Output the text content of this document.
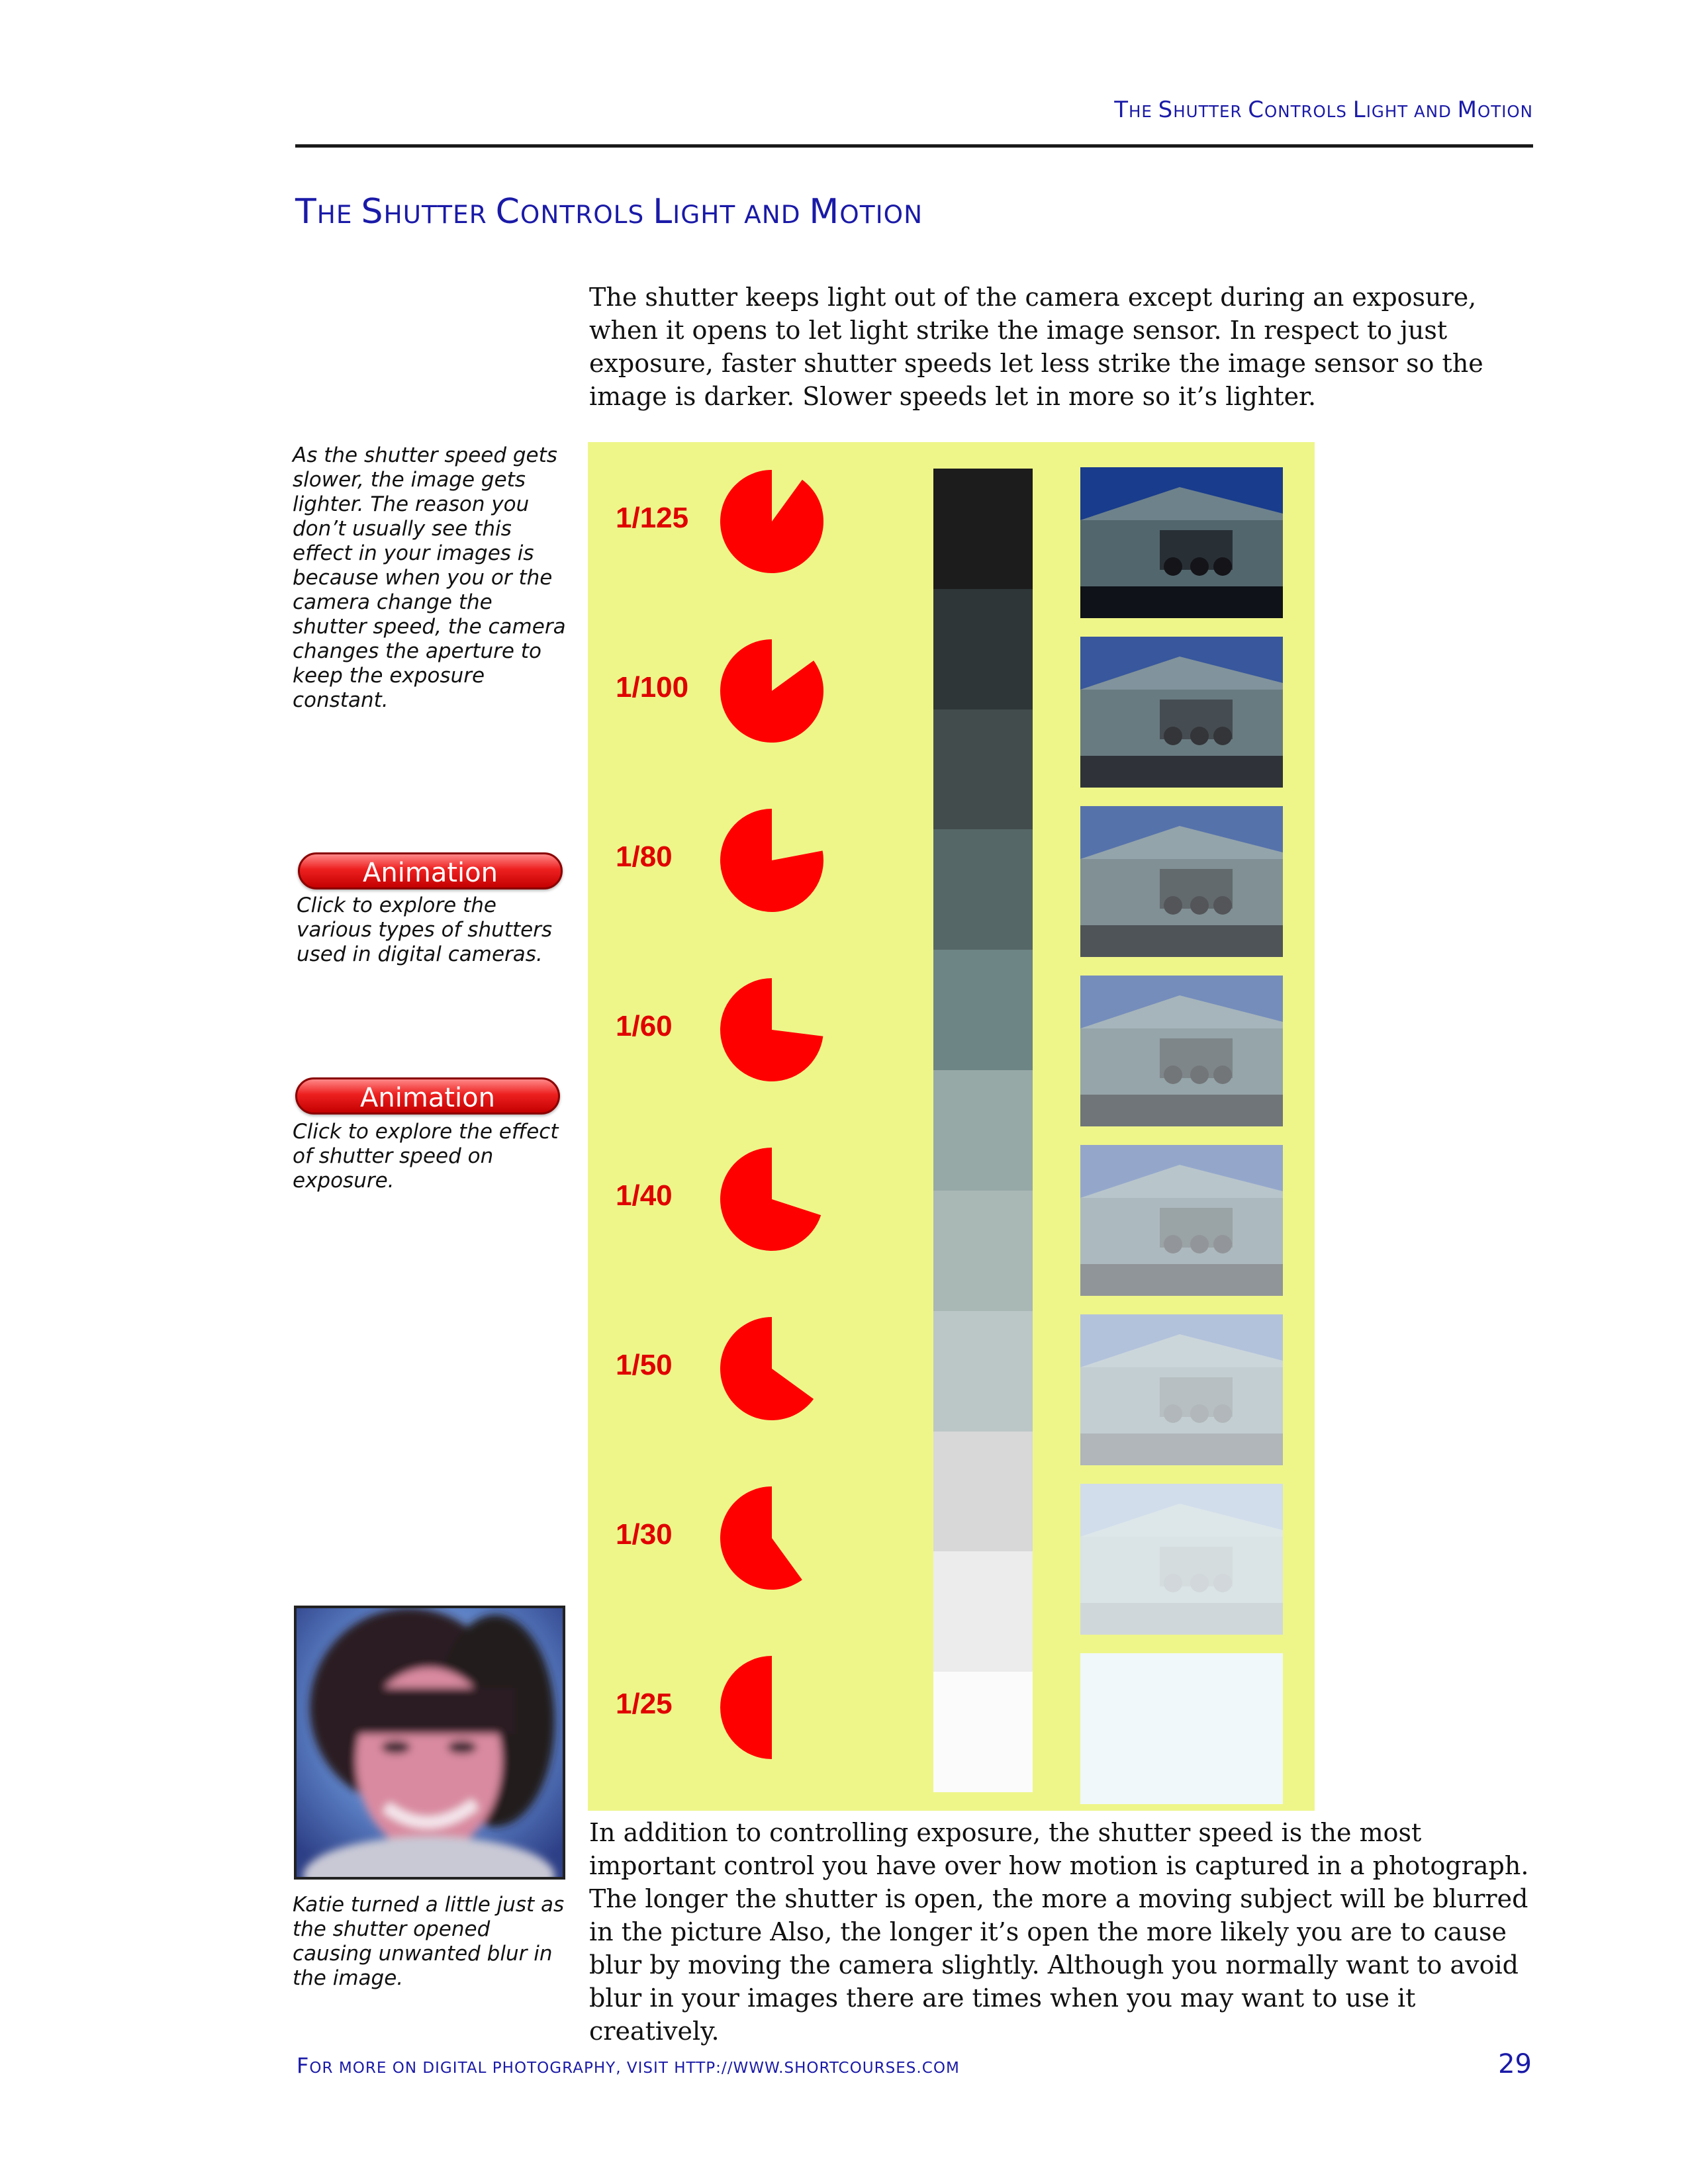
THE SHUTTER CONTROLS LIGHT AND MOTION
THE SHUTTER CONTROLS LIGHT AND MOTION

The shutter keeps light out of the camera except during an exposure, when it opens to let light strike the image sensor. In respect to just exposure, faster shutter speeds let less strike the image sensor so the image is darker. Slower speeds let in more so it’s lighter.

As the shutter speed gets slower, the image gets lighter. The reason you don’t usually see this effect in your images is because when you or the camera change the shutter speed, the camera changes the aperture to keep the exposure constant.

Animation

Click to explore the various types of shutters used in digital cameras.

Animation

Click to explore the effect of shutter speed on exposure.

Katie turned a little just as the shutter opened causing unwanted blur in the image.

1/125
1/100
1/80
1/60
1/40
1/50
1/30
1/25

In addition to controlling exposure, the shutter speed is the most important control you have over how motion is captured in a photograph. The longer the shutter is open, the more a moving subject will be blurred in the picture Also, the longer it’s open the more likely you are to cause blur by moving the camera slightly. Although you normally want to avoid blur in your images there are times when you may want to use it creatively.

FOR MORE ON DIGITAL PHOTOGRAPHY, VISIT HTTP://WWW.SHORTCOURSES.COM	29
